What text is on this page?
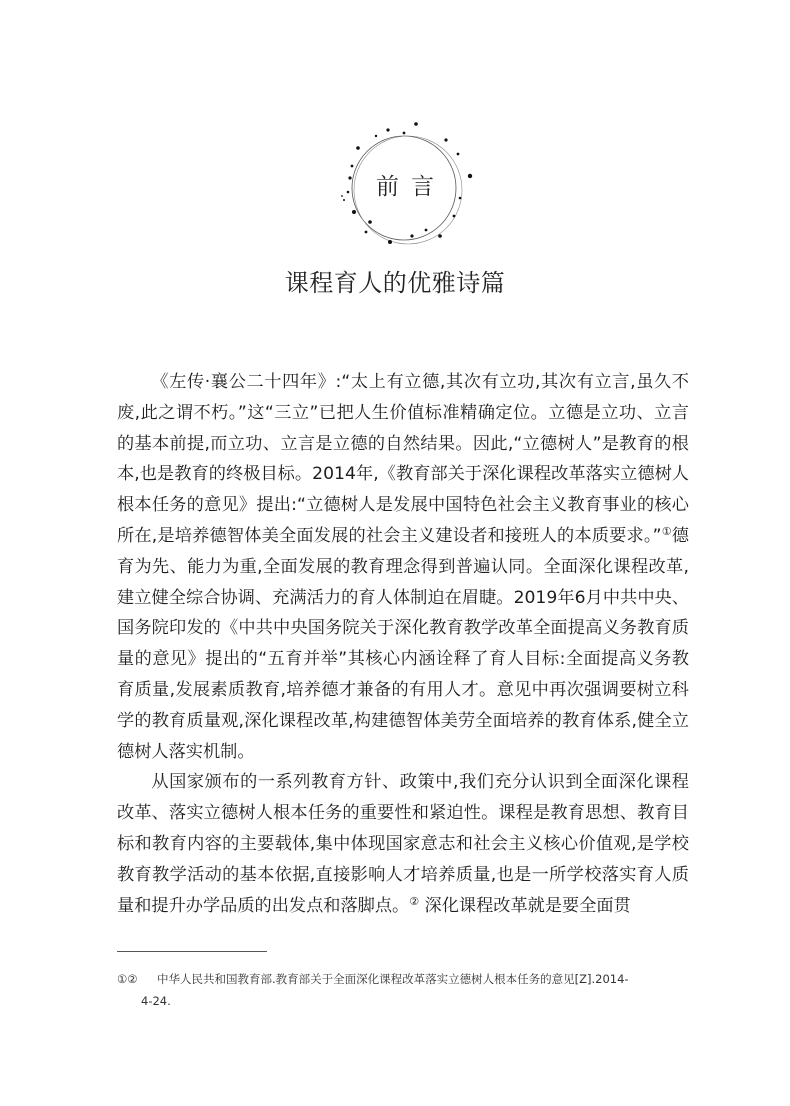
前言
课程育人的优雅诗篇

《左传·襄公二十四年》:“太上有立德,其次有立功,其次有立言,虽久不废,此之谓不朽。”这“三立”已把人生价值标准精确定位。立德是立功、立言的基本前提,而立功、立言是立德的自然结果。因此,“立德树人”是教育的根本,也是教育的终极目标。2014年,《教育部关于深化课程改革落实立德树人根本任务的意见》提出:“立德树人是发展中国特色社会主义教育事业的核心所在,是培养德智体美全面发展的社会主义建设者和接班人的本质要求。”①德育为先、能力为重,全面发展的教育理念得到普遍认同。全面深化课程改革,建立健全综合协调、充满活力的育人体制迫在眉睫。2019年6月中共中央、国务院印发的《中共中央国务院关于深化教育教学改革全面提高义务教育质量的意见》提出的“五育并举”其核心内涵诠释了育人目标:全面提高义务教育质量,发展素质教育,培养德才兼备的有用人才。意见中再次强调要树立科学的教育质量观,深化课程改革,构建德智体美劳全面培养的教育体系,健全立德树人落实机制。

从国家颁布的一系列教育方针、政策中,我们充分认识到全面深化课程改革、落实立德树人根本任务的重要性和紧迫性。课程是教育思想、教育目标和教育内容的主要载体,集中体现国家意志和社会主义核心价值观,是学校教育教学活动的基本依据,直接影响人才培养质量,也是一所学校落实育人质量和提升办学品质的出发点和落脚点。② 深化课程改革就是要全面贯

①② 中华人民共和国教育部.教育部关于全面深化课程改革落实立德树人根本任务的意见[Z].2014-
4-24.
